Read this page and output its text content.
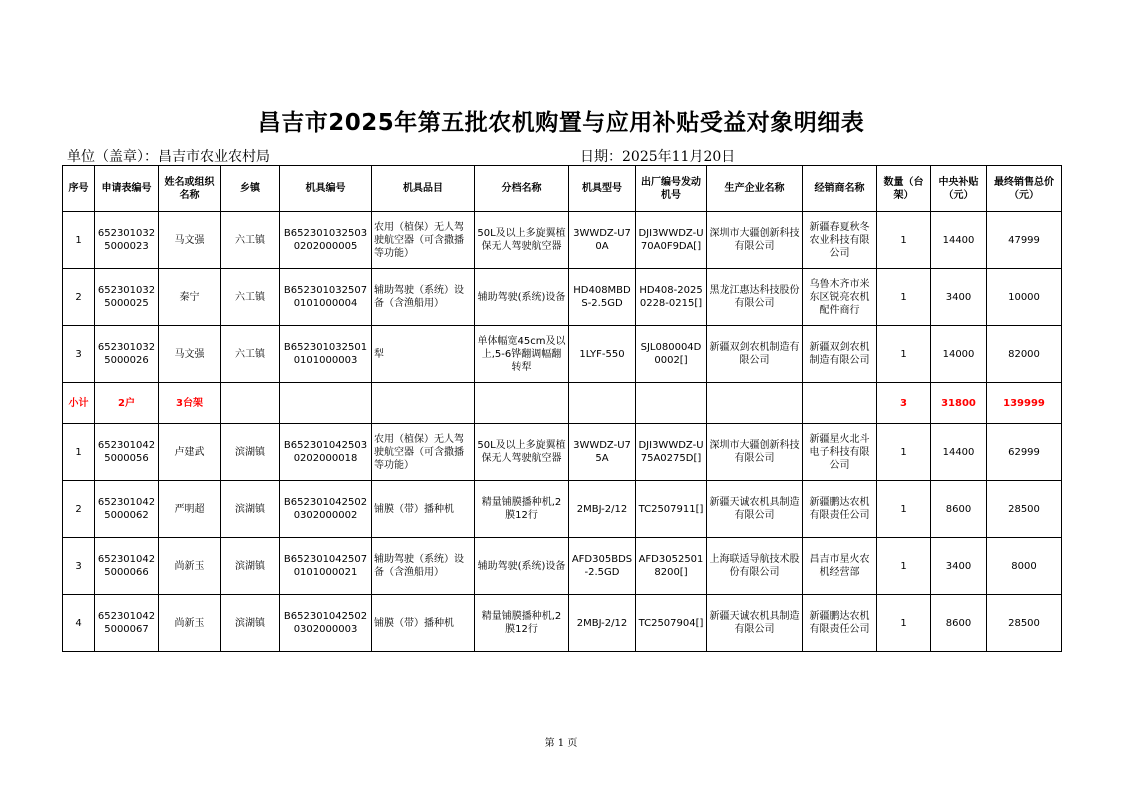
昌吉市2025年第五批农机购置与应用补贴受益对象明细表
单位（盖章）：昌吉市农业农村局	日期：2025年11月20日
序号	申请表编号	姓名或组织名称	乡镇	机具编号	机具品目	分档名称	机具型号	出厂编号发动机号	生产企业名称	经销商名称	数量（台架）	中央补贴（元）	最终销售总价（元）
1	6523010325000023	马文强	六工镇	B6523010325030202000005	农用（植保）无人驾驶航空器（可含撒播等功能）	50L及以上多旋翼植保无人驾驶航空器	3WWDZ-U70A	DJI3WWDZ-U70A0F9DA[]	深圳市大疆创新科技有限公司	新疆春夏秋冬农业科技有限公司	1	14400	47999
2	6523010325000025	秦宁	六工镇	B6523010325070101000004	辅助驾驶（系统）设备（含渔船用）	辅助驾驶(系统)设备	HD408MBDS-2.5GD	HD408-20250228-0215[]	黑龙江惠达科技股份有限公司	乌鲁木齐市米东区锐亮农机配件商行	1	3400	10000
3	6523010325000026	马文强	六工镇	B6523010325010101000003	犁	单体幅宽45cm及以上,5-6铧翻调幅翻转犁	1LYF-550	SJL080004D0002[]	新疆双剑农机制造有限公司	新疆双剑农机制造有限公司	1	14000	82000
小计	2户	3台架									3	31800	139999
1	6523010425000056	卢建武	滨湖镇	B6523010425030202000018	农用（植保）无人驾驶航空器（可含撒播等功能）	50L及以上多旋翼植保无人驾驶航空器	3WWDZ-U75A	DJI3WWDZ-U75A0275D[]	深圳市大疆创新科技有限公司	新疆星火北斗电子科技有限公司	1	14400	62999
2	6523010425000062	严明超	滨湖镇	B6523010425020302000002	铺膜（带）播种机	精量铺膜播种机,2膜12行	2MBJ-2/12	TC2507911[]	新疆天诚农机具制造有限公司	新疆鹏达农机有限责任公司	1	8600	28500
3	6523010425000066	尚新玉	滨湖镇	B6523010425070101000021	辅助驾驶（系统）设备（含渔船用）	辅助驾驶(系统)设备	AFD305BDS-2.5GD	AFD30525018200[]	上海联适导航技术股份有限公司	昌吉市星火农机经营部	1	3400	8000
4	6523010425000067	尚新玉	滨湖镇	B6523010425020302000003	铺膜（带）播种机	精量铺膜播种机,2膜12行	2MBJ-2/12	TC2507904[]	新疆天诚农机具制造有限公司	新疆鹏达农机有限责任公司	1	8600	28500
第 1 页
